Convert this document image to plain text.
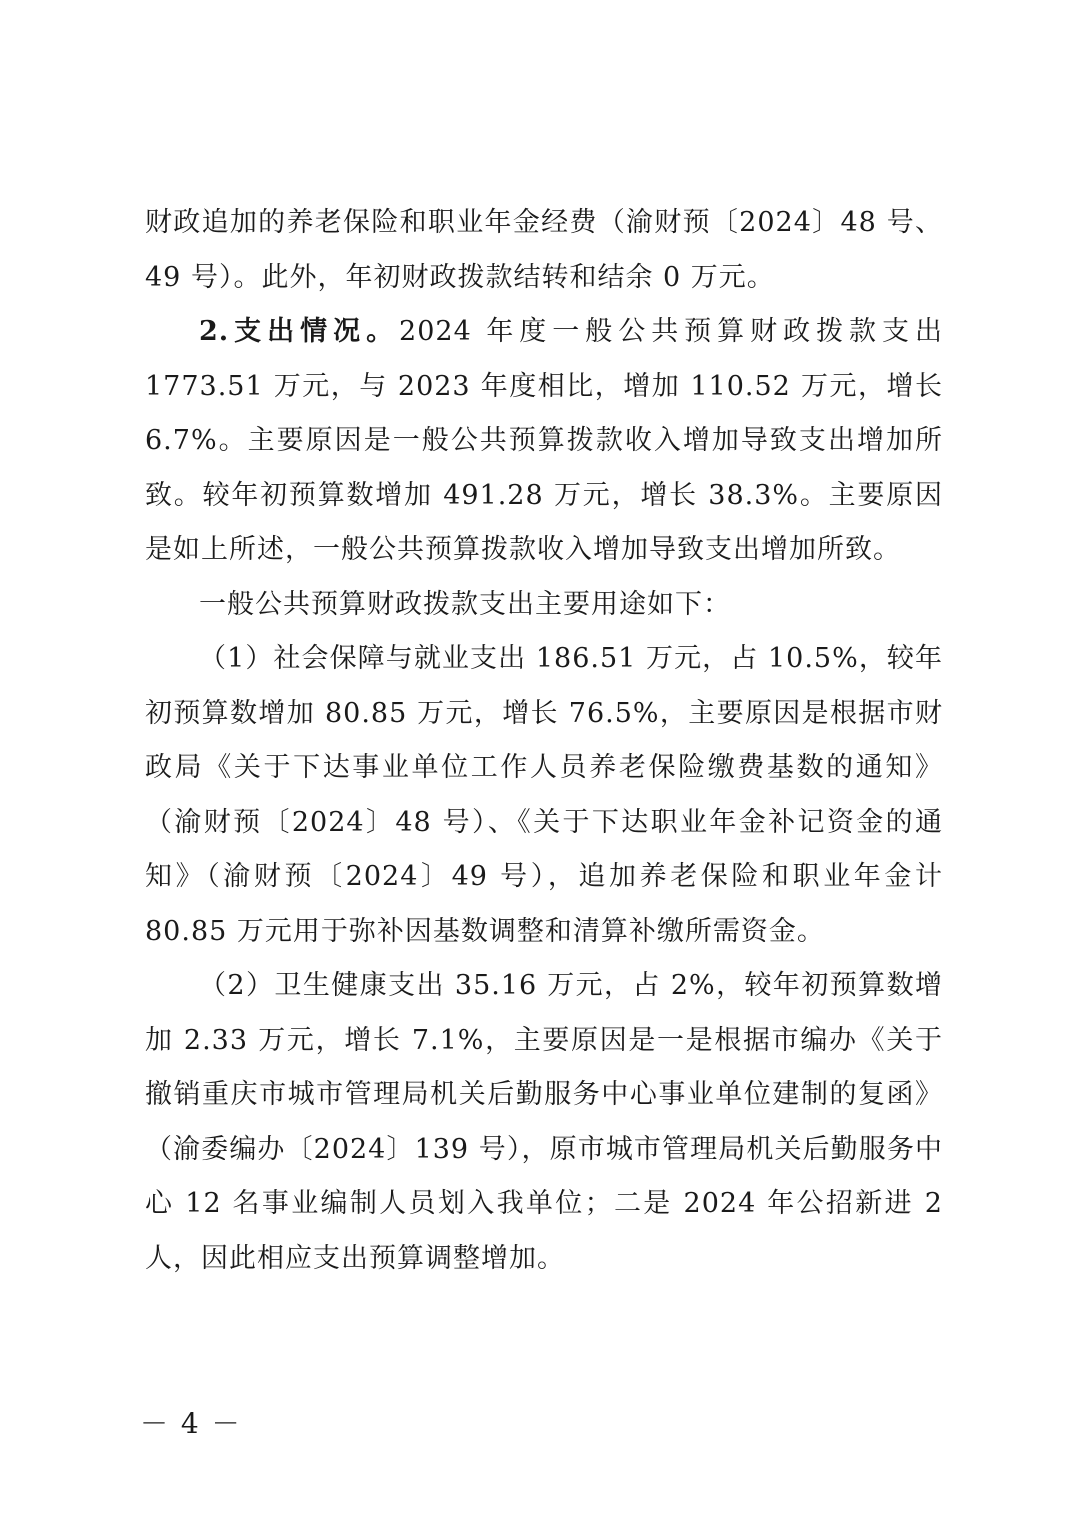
财政追加的养老保险和职业年金经费（渝财预〔2024〕48 号、49 号）。此外，年初财政拨款结转和结余 0 万元。

2.支出情况。2024 年度一般公共预算财政拨款支出 1773.51 万元，与 2023 年度相比，增加 110.52 万元，增长 6.7%。主要原因是一般公共预算拨款收入增加导致支出增加所致。较年初预算数增加 491.28 万元，增长 38.3%。主要原因是如上所述，一般公共预算拨款收入增加导致支出增加所致。

一般公共预算财政拨款支出主要用途如下：

（1）社会保障与就业支出 186.51 万元，占 10.5%，较年初预算数增加 80.85 万元，增长 76.5%，主要原因是根据市财政局《关于下达事业单位工作人员养老保险缴费基数的通知》（渝财预〔2024〕48 号）、《关于下达职业年金补记资金的通知》（渝财预〔2024〕49 号），追加养老保险和职业年金计 80.85 万元用于弥补因基数调整和清算补缴所需资金。

（2）卫生健康支出 35.16 万元，占 2%，较年初预算数增加 2.33 万元，增长 7.1%，主要原因是一是根据市编办《关于撤销重庆市城市管理局机关后勤服务中心事业单位建制的复函》（渝委编办〔2024〕139 号），原市城市管理局机关后勤服务中心 12 名事业编制人员划入我单位；二是 2024 年公招新进 2 人，因此相应支出预算调整增加。

－ 4 －
